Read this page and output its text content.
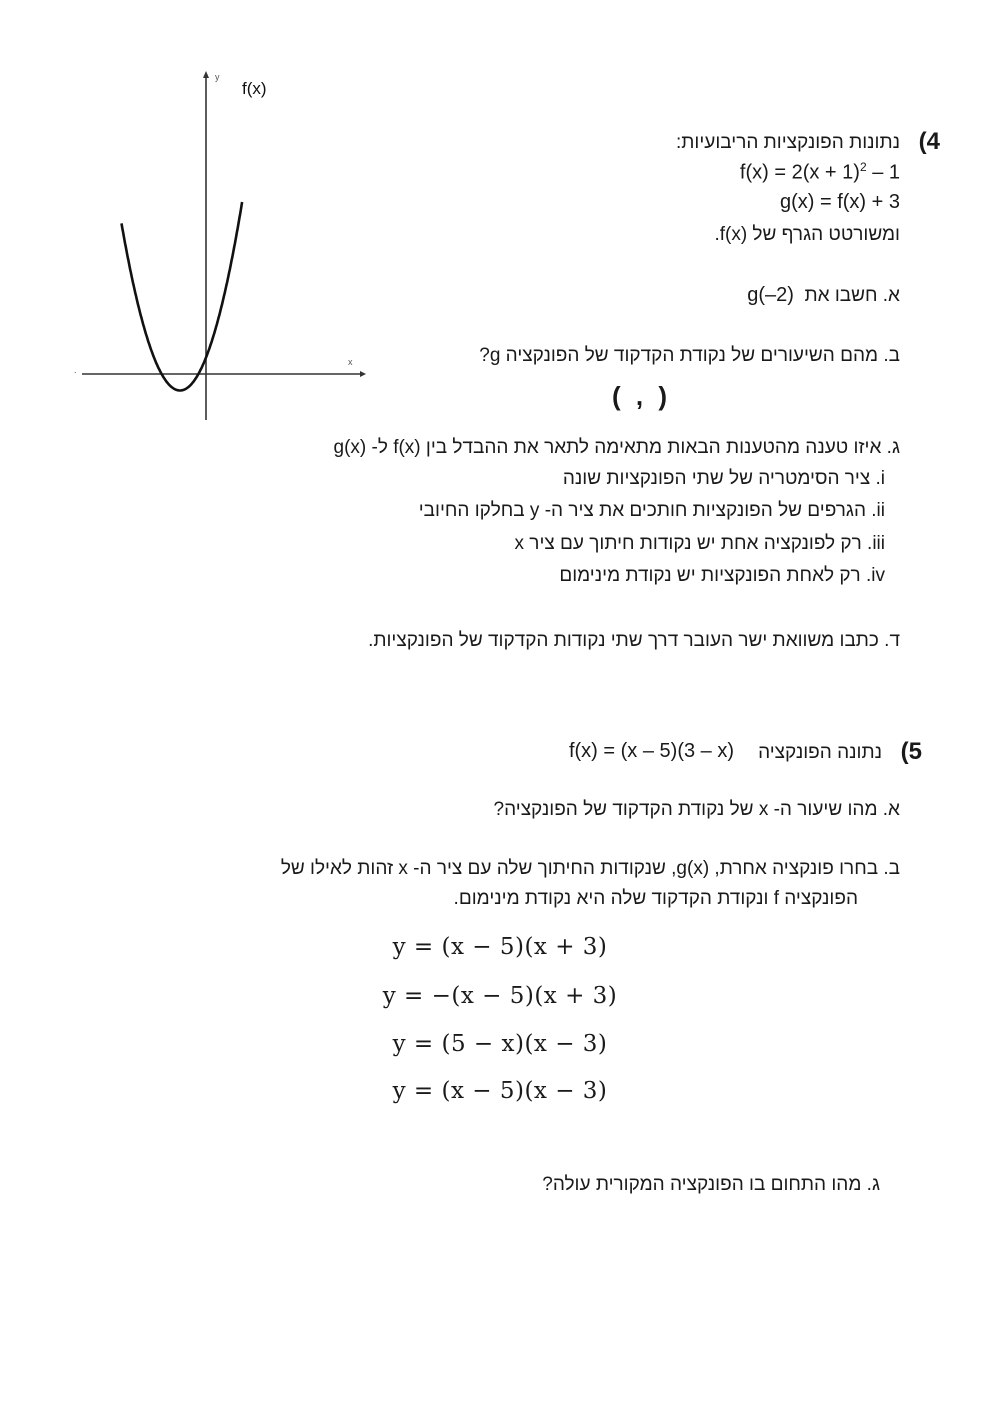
y
x
.
f(x)
(4
נתונות הפונקציות הריבועיות:
$f(x) = 2(x + 1)^2 - 1$
g(x) = f(x) + 3
ומשורטט הגרף של f(x).
א. חשבו את  g(–2)
ב. מהם השיעורים של נקודת הקדקוד של הפונקציה g?
( , )
ג. איזו טענה מהטענות הבאות מתאימה לתאר את ההבדל בין f(x) ל- g(x)
i. ציר הסימטריה של שתי הפונקציות שונה
ii. הגרפים של הפונקציות חותכים את ציר ה- y בחלקו החיובי
iii. רק לפונקציה אחת יש נקודות חיתוך עם ציר x
iv. רק לאחת הפונקציות יש נקודת מינימום
ד. כתבו משוואת ישר העובר דרך שתי נקודות הקדקוד של הפונקציות.
(5
נתונה הפונקציה
f(x) = (x – 5)(3 – x)
א. מהו שיעור ה- x של נקודת הקדקוד של הפונקציה?
ב. בחרו פונקציה אחרת, g(x), שנקודות החיתוך שלה עם ציר ה- x זהות לאילו של
הפונקציה f ונקודת הקדקוד שלה היא נקודת מינימום.
y = (x − 5)(x + 3)
y = −(x − 5)(x + 3)
y = (5 − x)(x − 3)
y = (x − 5)(x − 3)
ג. מהו התחום בו הפונקציה המקורית עולה?
